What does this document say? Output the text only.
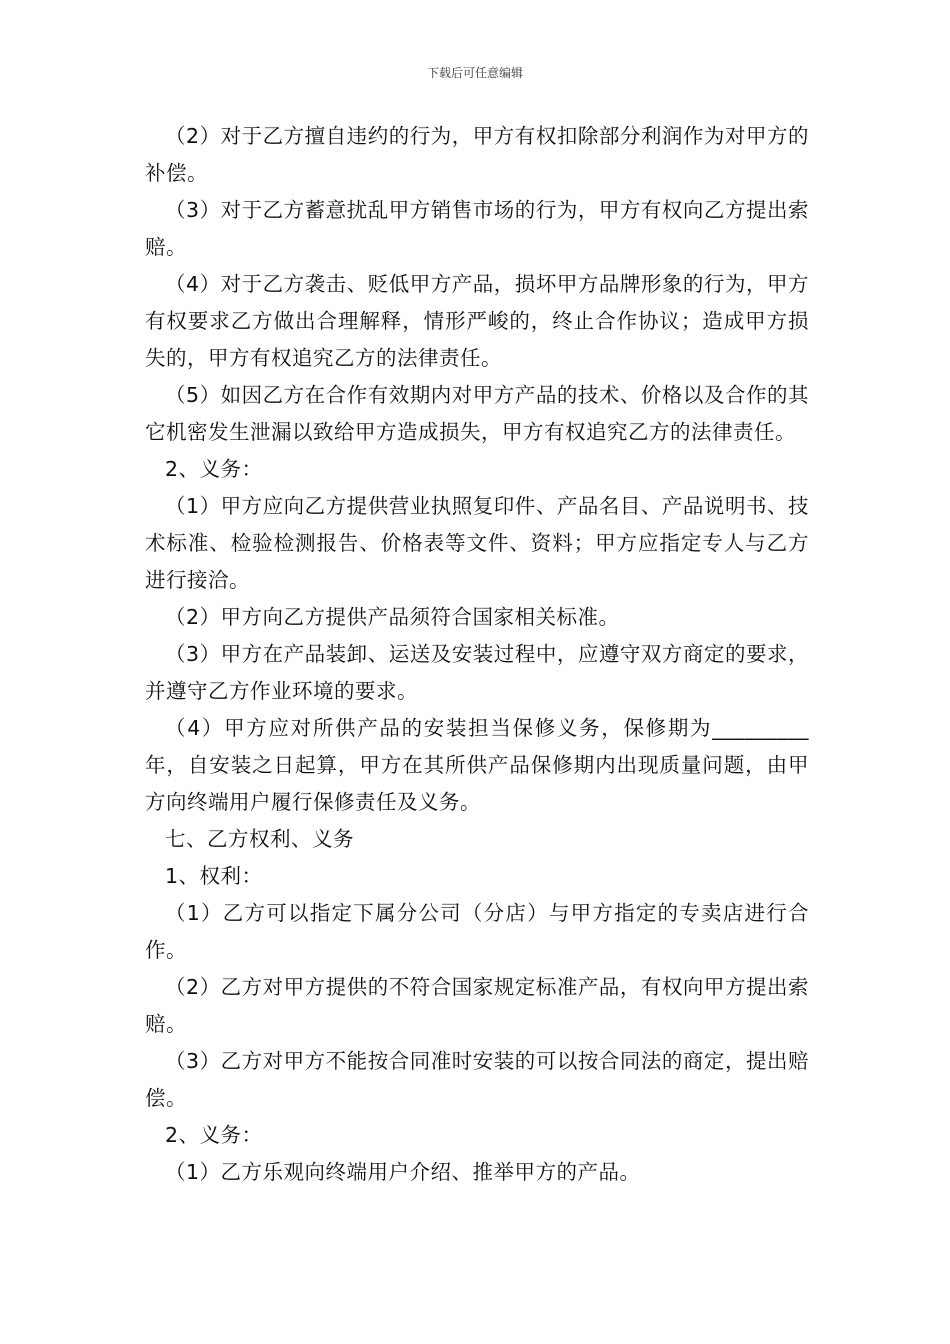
下载后可任意编辑

（2）对于乙方擅自违约的行为，甲方有权扣除部分利润作为对甲方的补偿。

（3）对于乙方蓄意扰乱甲方销售市场的行为，甲方有权向乙方提出索赔。

（4）对于乙方袭击、贬低甲方产品，损坏甲方品牌形象的行为，甲方有权要求乙方做出合理解释，情形严峻的，终止合作协议；造成甲方损失的，甲方有权追究乙方的法律责任。

（5）如因乙方在合作有效期内对甲方产品的技术、价格以及合作的其它机密发生泄漏以致给甲方造成损失，甲方有权追究乙方的法律责任。

2、义务：

（1）甲方应向乙方提供营业执照复印件、产品名目、产品说明书、技术标准、检验检测报告、价格表等文件、资料；甲方应指定专人与乙方进行接洽。

（2）甲方向乙方提供产品须符合国家相关标准。

（3）甲方在产品装卸、运送及安装过程中，应遵守双方商定的要求，并遵守乙方作业环境的要求。

（4）甲方应对所供产品的安装担当保修义务，保修期为_________年，自安装之日起算，甲方在其所供产品保修期内出现质量问题，由甲方向终端用户履行保修责任及义务。

七、乙方权利、义务

1、权利：

（1）乙方可以指定下属分公司（分店）与甲方指定的专卖店进行合作。

（2）乙方对甲方提供的不符合国家规定标准产品，有权向甲方提出索赔。

（3）乙方对甲方不能按合同准时安装的可以按合同法的商定，提出赔偿。

2、义务：

（1）乙方乐观向终端用户介绍、推举甲方的产品。
